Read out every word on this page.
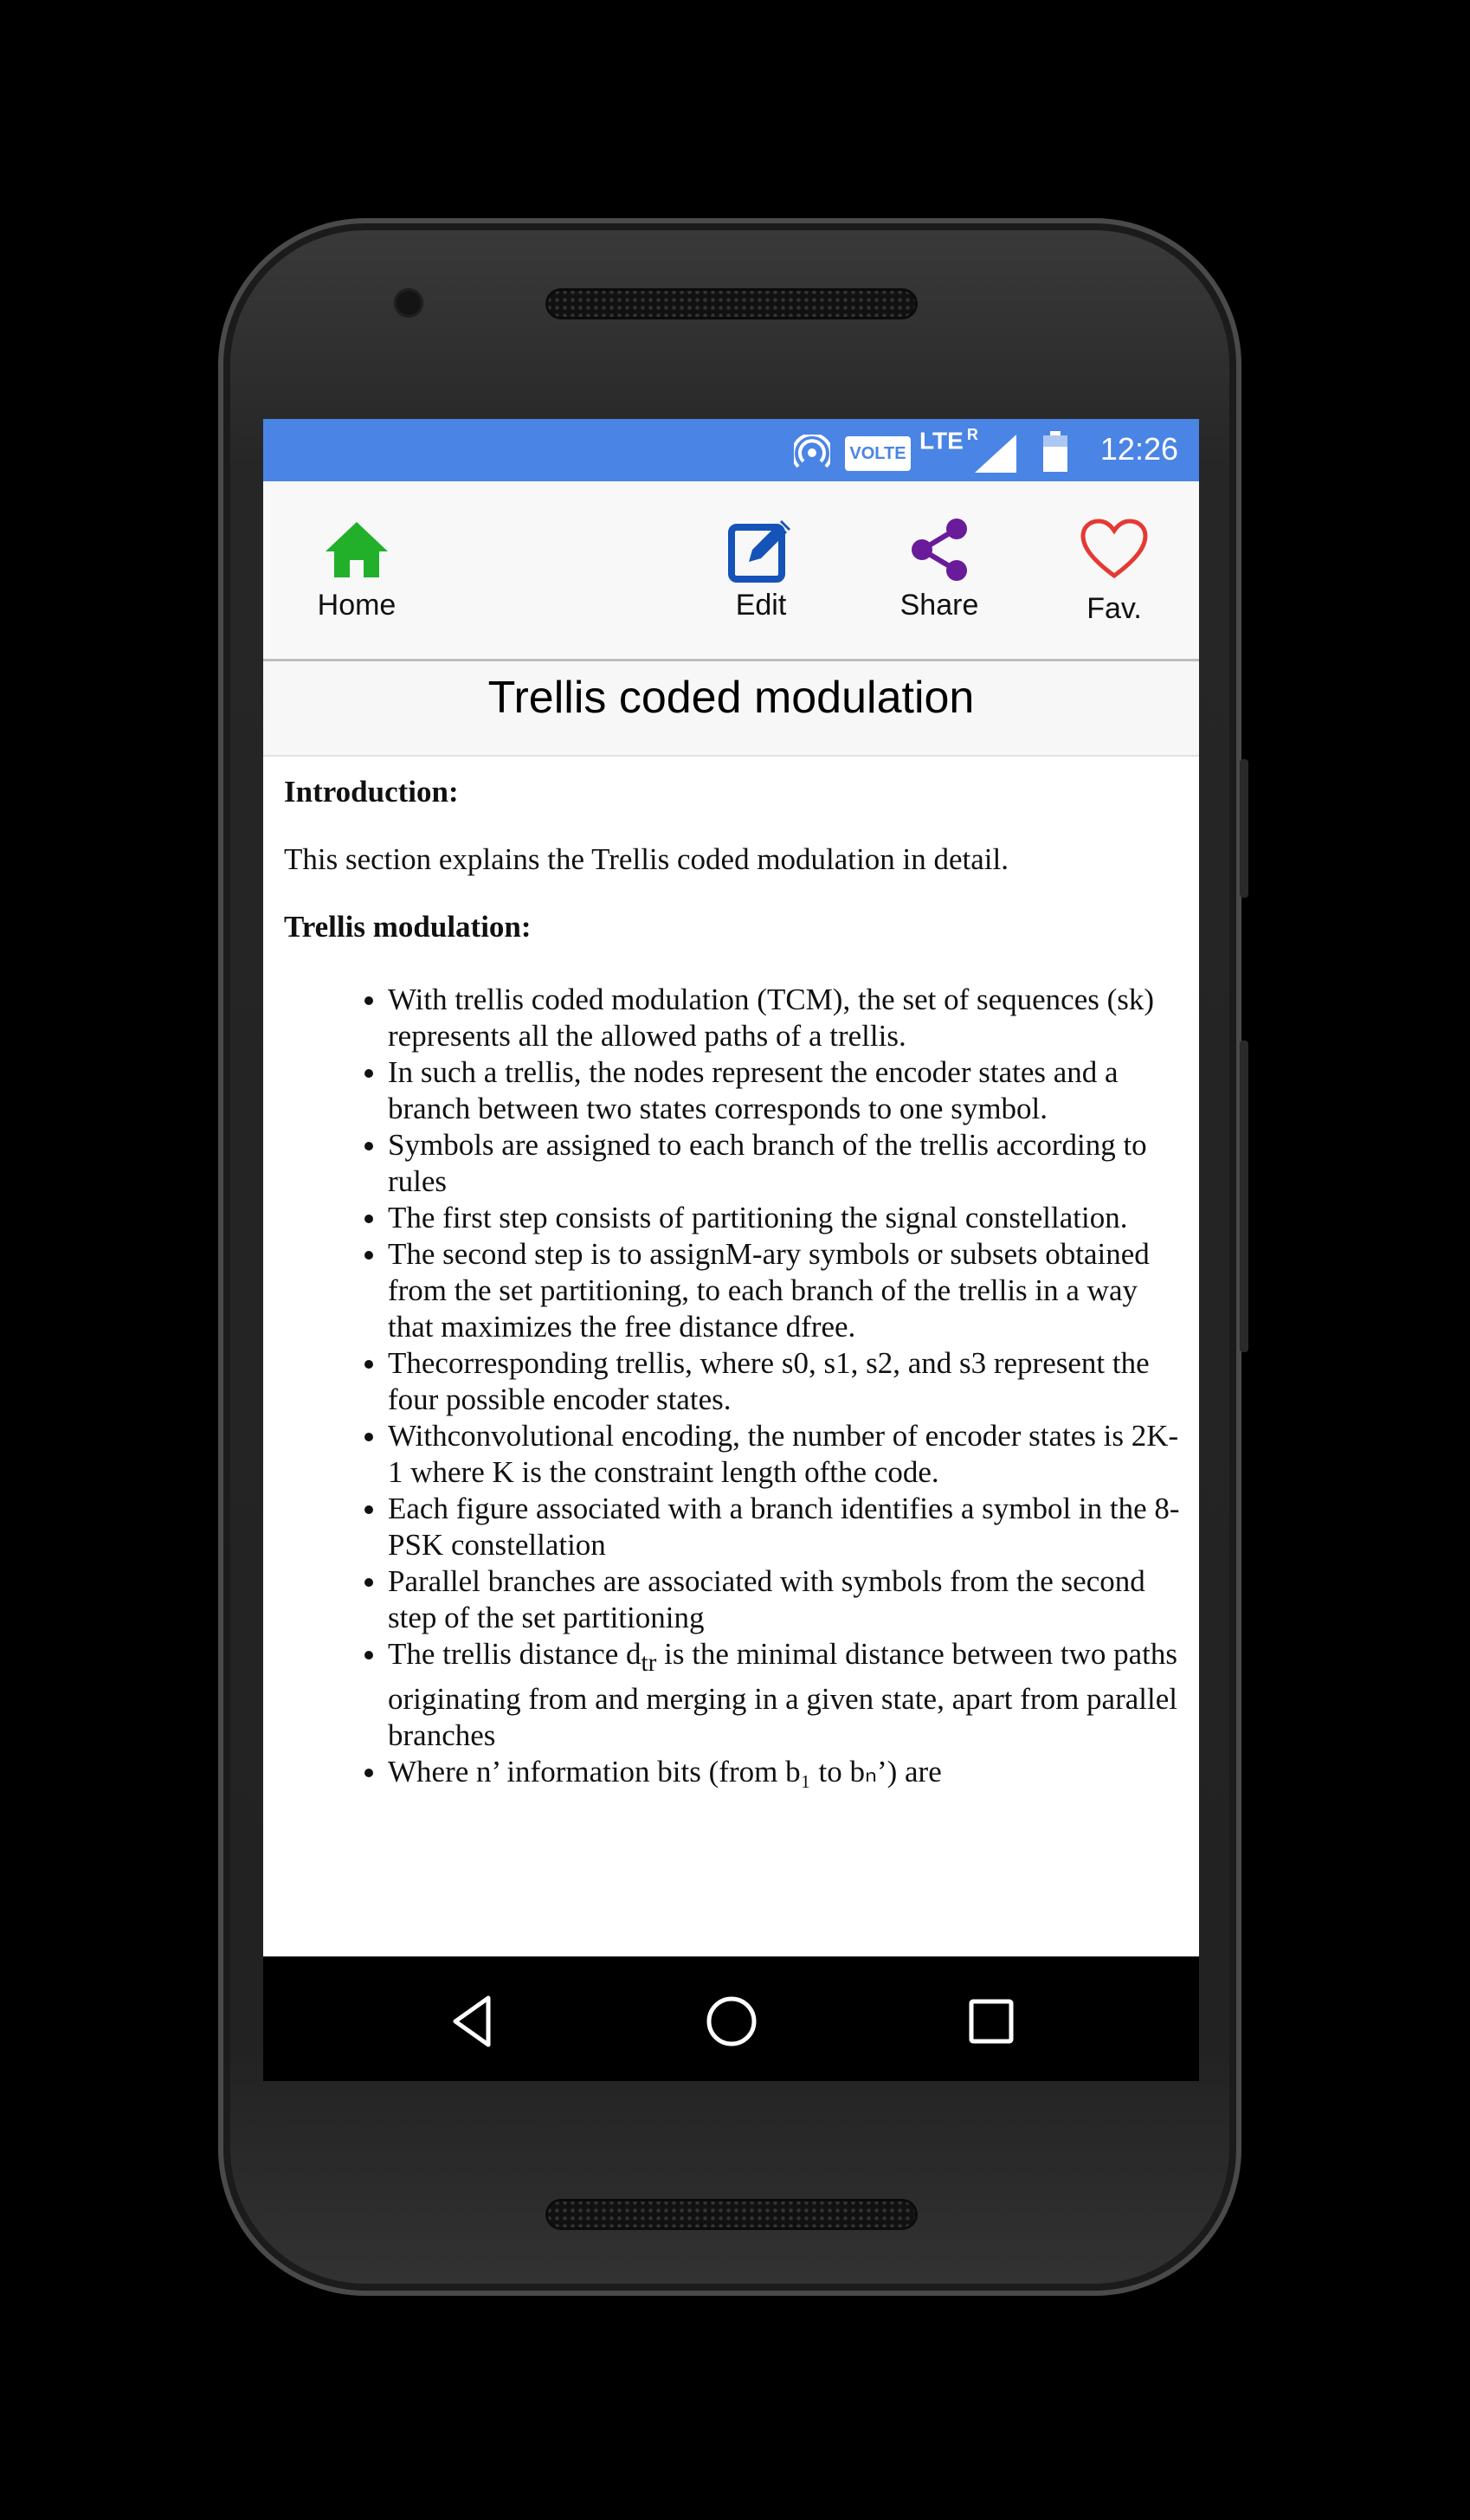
VOLTE LTE $^R$	12:26
Home	Edit	Share	Fav.
Trellis coded modulation

Introduction:

This section explains the Trellis coded modulation in detail.

Trellis modulation:

• With trellis coded modulation (TCM), the set of sequences (sk) represents all the allowed paths of a trellis.
• In such a trellis, the nodes represent the encoder states and a branch between two states corresponds to one symbol.
• Symbols are assigned to each branch of the trellis according to rules
• The first step consists of partitioning the signal constellation.
• The second step is to assignM-ary symbols or subsets obtained from the set partitioning, to each branch of the trellis in a way that maximizes the free distance dfree.
• Thecorresponding trellis, where s0, s1, s2, and s3 represent the four possible encoder states.
• Withconvolutional encoding, the number of encoder states is 2K-1 where K is the constraint length ofthe code.
• Each figure associated with a branch identifies a symbol in the 8-PSK constellation
• Parallel branches are associated with symbols from the second step of the set partitioning
• The trellis distance $d_{tr}$ is the minimal distance between two paths originating from and merging in a given state, apart from parallel branches
• Where n’ information bits (from b₁ to bₙ’) are
